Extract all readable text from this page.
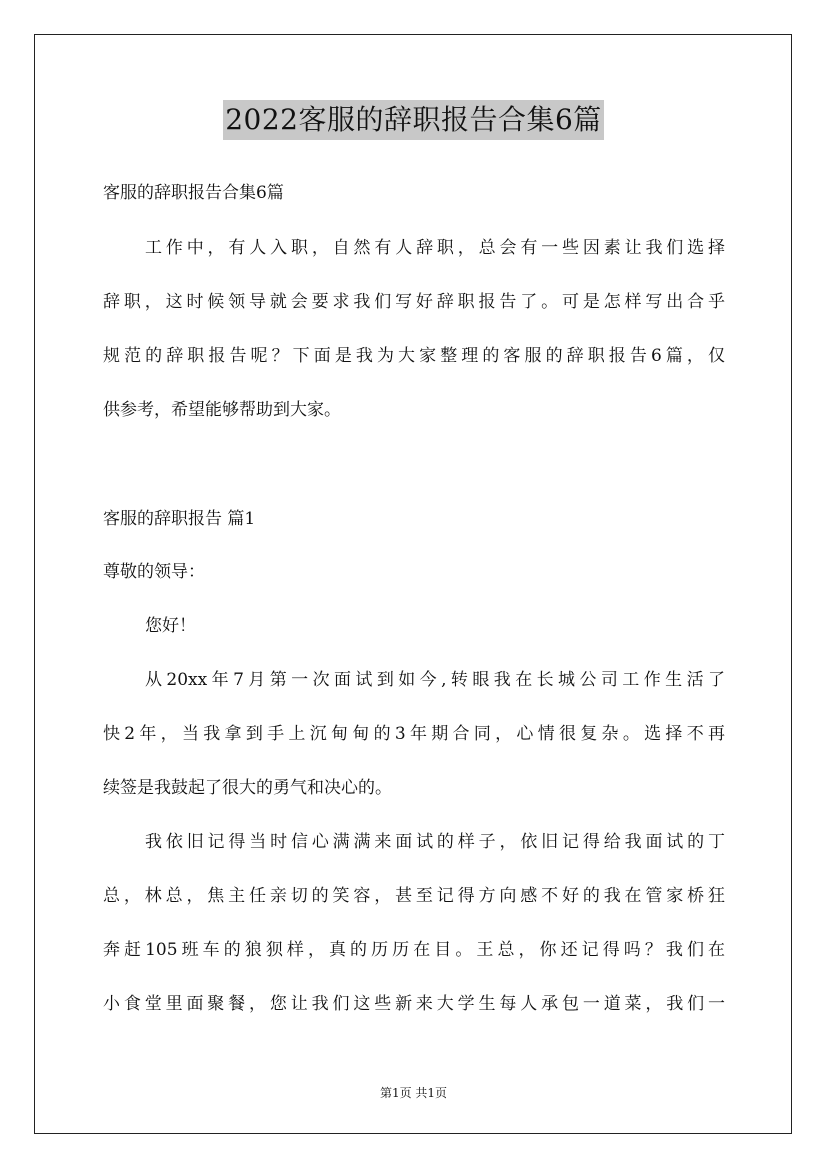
2022客服的辞职报告合集6篇
客服的辞职报告合集6篇
工作中，有人入职，自然有人辞职，总会有一些因素让我们选择
辞职，这时候领导就会要求我们写好辞职报告了。可是怎样写出合乎
规范的辞职报告呢？下面是我为大家整理的客服的辞职报告6篇，仅
供参考，希望能够帮助到大家。
客服的辞职报告 篇1
尊敬的领导：
您好！
从20xx年7月第一次面试到如今,转眼我在长城公司工作生活了
快2年，当我拿到手上沉甸甸的3年期合同，心情很复杂。选择不再
续签是我鼓起了很大的勇气和决心的。
我依旧记得当时信心满满来面试的样子，依旧记得给我面试的丁
总，林总，焦主任亲切的笑容，甚至记得方向感不好的我在管家桥狂
奔赶105班车的狼狈样，真的历历在目。王总，你还记得吗？我们在
小食堂里面聚餐，您让我们这些新来大学生每人承包一道菜，我们一
第1页 共1页
